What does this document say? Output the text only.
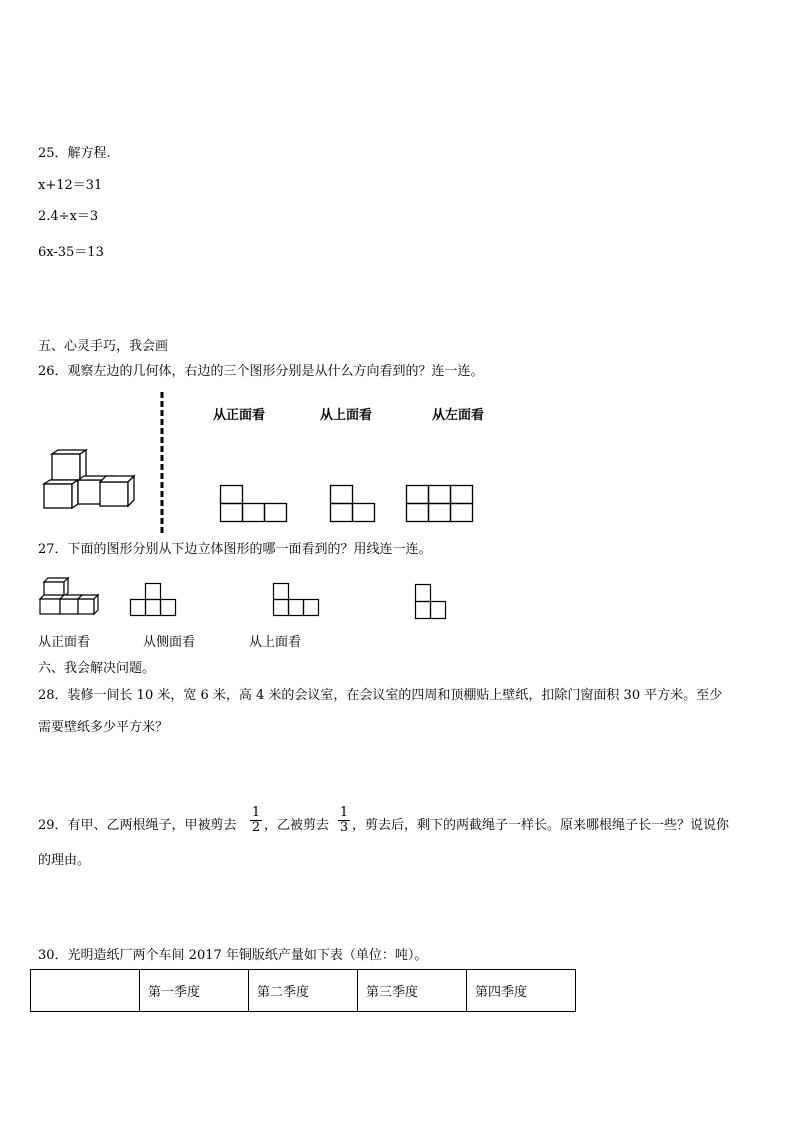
25．解方程.
x+12＝31
2.4÷x＝3
6x-35＝13
五、心灵手巧，我会画
26．观察左边的几何体，右边的三个图形分别是从什么方向看到的？连一连。
从正面看	从上面看	从左面看
27．下面的图形分别从下边立体图形的哪一面看到的？用线连一连。
从正面看	从侧面看	从上面看
六、我会解决问题。
28．装修一间长 10 米，宽 6 米，高 4 米的会议室，在会议室的四周和顶棚贴上壁纸，扣除门窗面积 30 平方米。至少
需要壁纸多少平方米？
29．有甲、乙两根绳子，甲被剪去 $\frac{1}{2}$ ，乙被剪去 $\frac{1}{3}$ ，剪去后，剩下的两截绳子一样长。原来哪根绳子长一些？说说你
的理由。
30．光明造纸厂两个车间 2017 年铜版纸产量如下表（单位：吨）。
	第一季度	第二季度	第三季度	第四季度
